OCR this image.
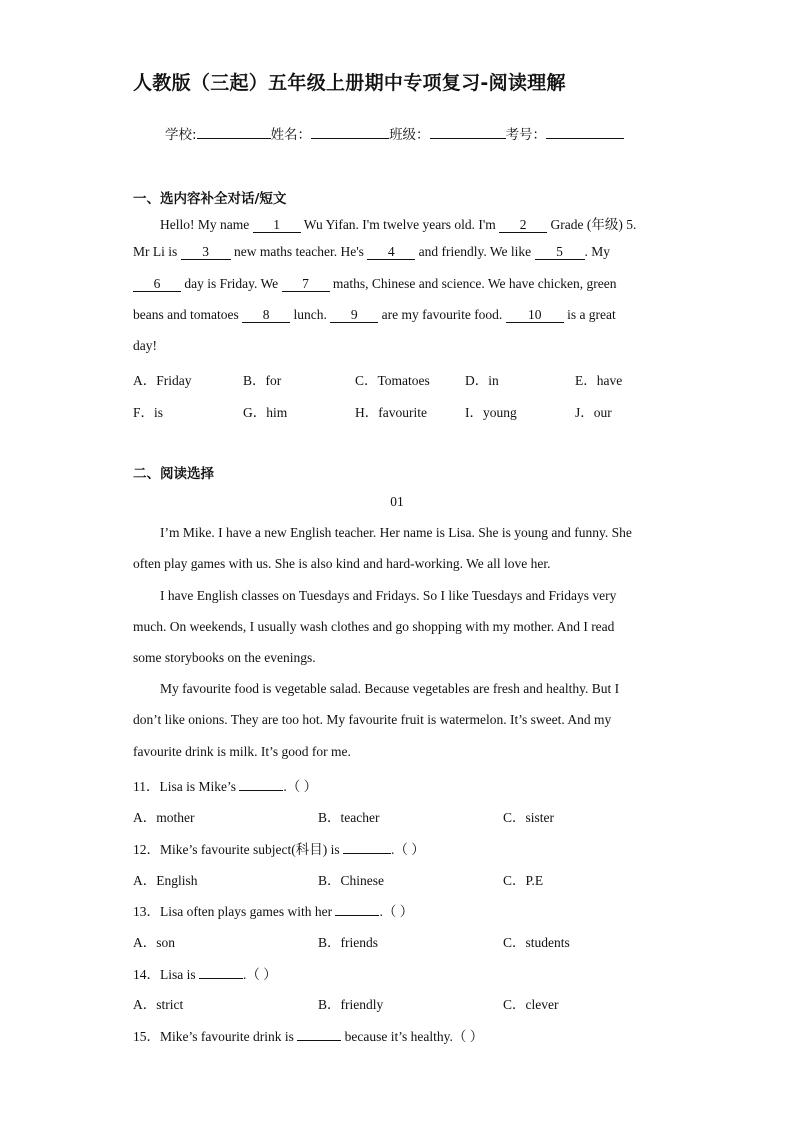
人教版（三起）五年级上册期中专项复习-阅读理解
学校:	姓名：	班级：	考号：
一、选内容补全对话/短文
Hello! My name 1 Wu Yifan. I'm twelve years old. I'm 2 Grade (年级) 5.
Mr Li is 3 new maths teacher. He's 4 and friendly. We like 5 . My
6 day is Friday. We 7 maths, Chinese and science. We have chicken, green
beans and tomatoes 8 lunch. 9 are my favourite food. 10 is a great
day!
A．Friday	B．for	C．Tomatoes	D．in	E．have
F．is	G．him	H．favourite	I．young	J．our
二、阅读选择
01
I’m Mike. I have a new English teacher. Her name is Lisa. She is young and funny. She
often play games with us. She is also kind and hard-working. We all love her.
I have English classes on Tuesdays and Fridays. So I like Tuesdays and Fridays very
much. On weekends, I usually wash clothes and go shopping with my mother. And I read
some storybooks on the evenings.
My favourite food is vegetable salad. Because vegetables are fresh and healthy. But I
don’t like onions. They are too hot. My favourite fruit is watermelon. It’s sweet. And my
favourite drink is milk. It’s good for me.
11．Lisa is Mike’s	.（ ）
A．mother	B．teacher	C．sister
12．Mike’s favourite subject(科目) is	.（ ）
A．English	B．Chinese	C．P.E
13．Lisa often plays games with her	.（ ）
A．son	B．friends	C．students
14．Lisa is	.（ ）
A．strict	B．friendly	C．clever
15．Mike’s favourite drink is	because it’s healthy.（ ）
